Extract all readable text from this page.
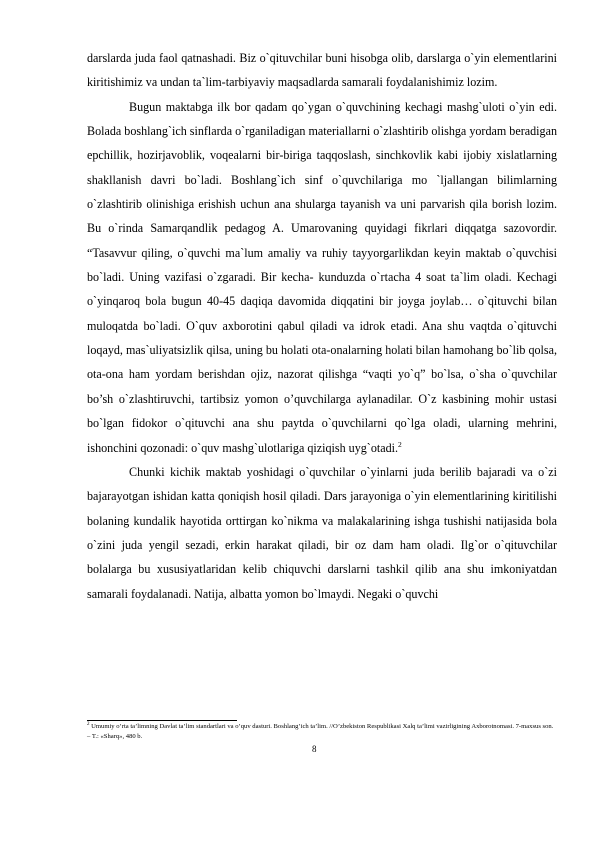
darslarda juda faol qatnashadi. Biz o`qituvchilar buni hisobga olib, darslarga o`yin elementlarini kiritishimiz va undan ta`lim-tarbiyaviy maqsadlarda samarali foydalanishimiz lozim.

Bugun maktabga ilk bor qadam qo`ygan o`quvchining kechagi mashg`uloti o`yin edi. Bolada boshlang`ich sinflarda o`rganiladigan materiallarni o`zlashtirib olishga yordam beradigan epchillik, hozirjavoblik, voqealarni bir-biriga taqqoslash, sinchkovlik kabi ijobiy xislatlarning shakllanish davri bo`ladi. Boshlang`ich sinf o`quvchilariga mo `ljallangan bilimlarning o`zlashtirib olinishiga erishish uchun ana shularga tayanish va uni parvarish qila borish lozim. Bu o`rinda Samarqandlik pedagog A. Umarovaning quyidagi fikrlari diqqatga sazovordir. “Tasavvur qiling, o`quvchi ma`lum amaliy va ruhiy tayyorgarlikdan keyin maktab o`quvchisi bo`ladi. Uning vazifasi o`zgaradi. Bir kecha- kunduzda o`rtacha 4 soat ta`lim oladi. Kechagi o`yinqaroq bola bugun 40-45 daqiqa davomida diqqatini bir joyga joylab… o`qituvchi bilan muloqatda bo`ladi. O`quv axborotini qabul qiladi va idrok etadi. Ana shu vaqtda o`qituvchi loqayd, mas`uliyatsizlik qilsa, uning bu holati ota-onalarning holati bilan hamohang bo`lib qolsa, ota-ona ham yordam berishdan ojiz, nazorat qilishga “vaqti yo`q” bo`lsa, o`sha o`quvchilar bo’sh o`zlashtiruvchi, tartibsiz yomon o’quvchilarga aylanadilar. O`z kasbining mohir ustasi bo`lgan fidokor o`qituvchi ana shu paytda o`quvchilarni qo`lga oladi, ularning mehrini, ishonchini qozonadi: o`quv mashg`ulotlariga qiziqish uyg`otadi.$^2$

Chunki kichik maktab yoshidagi o`quvchilar o`yinlarni juda berilib bajaradi va o`zi bajarayotgan ishidan katta qoniqish hosil qiladi. Dars jarayoniga o`yin elementlarining kiritilishi bolaning kundalik hayotida orttirgan ko`nikma va malakalarining ishga tushishi natijasida bola o`zini juda yengil sezadi, erkin harakat qiladi, bir oz dam ham oladi. Ilg`or o`qituvchilar bolalarga bu xususiyatlaridan kelib chiquvchi darslarni tashkil qilib ana shu imkoniyatdan samarali foydalanadi. Natija, albatta yomon bo`lmaydi. Negaki o`quvchi

$^2$ Umumiy o’rta ta’limning Davlat ta’lim standartlari va o’quv dasturi. Boshlang’ich ta’lim. //O’zbekiston Respublikasi Xalq ta’limi vazirligining Axborotnomasi. 7-maxsus son. – T.: «Sharq», 480 b.
8
